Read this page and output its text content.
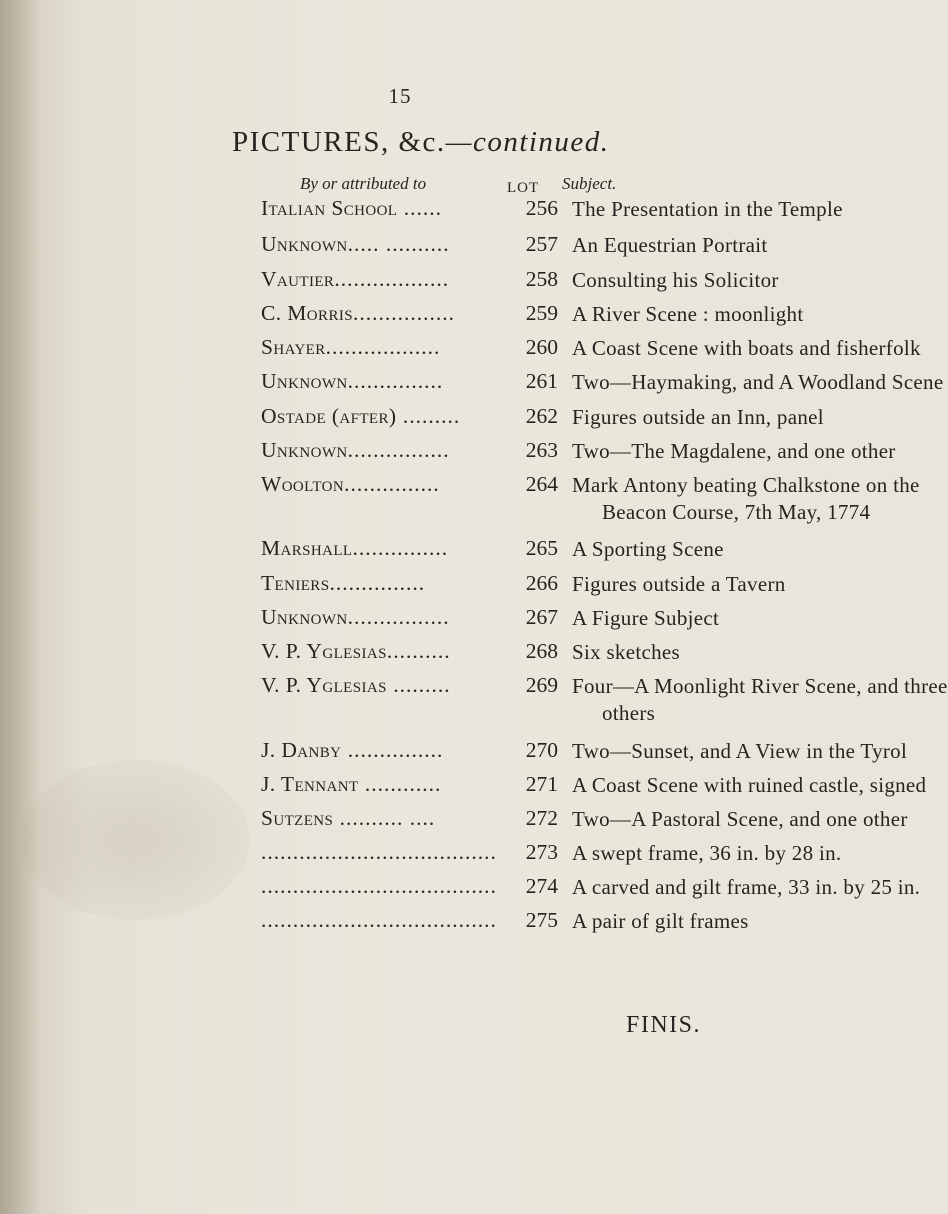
15
PICTURES, &c.—continued.
By or attributed to	LOT Subject.
Italian School ......	256 The Presentation in the Temple
Unknown..... ..........	257 An Equestrian Portrait
Vautier..................	258 Consulting his Solicitor
C. Morris................	259 A River Scene : moonlight
Shayer..................	260 A Coast Scene with boats and fisherfolk
Unknown...............	261 Two—Haymaking, and A Woodland Scene
Ostade (after) .........	262 Figures outside an Inn, panel
Unknown................	263 Two—The Magdalene, and one other
Woolton...............	264 Mark Antony beating Chalkstone on the
Beacon Course, 7th May, 1774
Marshall...............	265 A Sporting Scene
Teniers...............	266 Figures outside a Tavern
Unknown................	267 A Figure Subject
V. P. Yglesias..........	268 Six sketches
V. P. Yglesias .........	269 Four—A Moonlight River Scene, and three
others
J. Danby ...............	270 Two—Sunset, and A View in the Tyrol
J. Tennant ............	271 A Coast Scene with ruined castle, signed
Sutzens .......... ....	272 Two—A Pastoral Scene, and one other
.....................................	273 A swept frame, 36 in. by 28 in.
.....................................	274 A carved and gilt frame, 33 in. by 25 in.
.....................................	275 A pair of gilt frames
FINIS.
